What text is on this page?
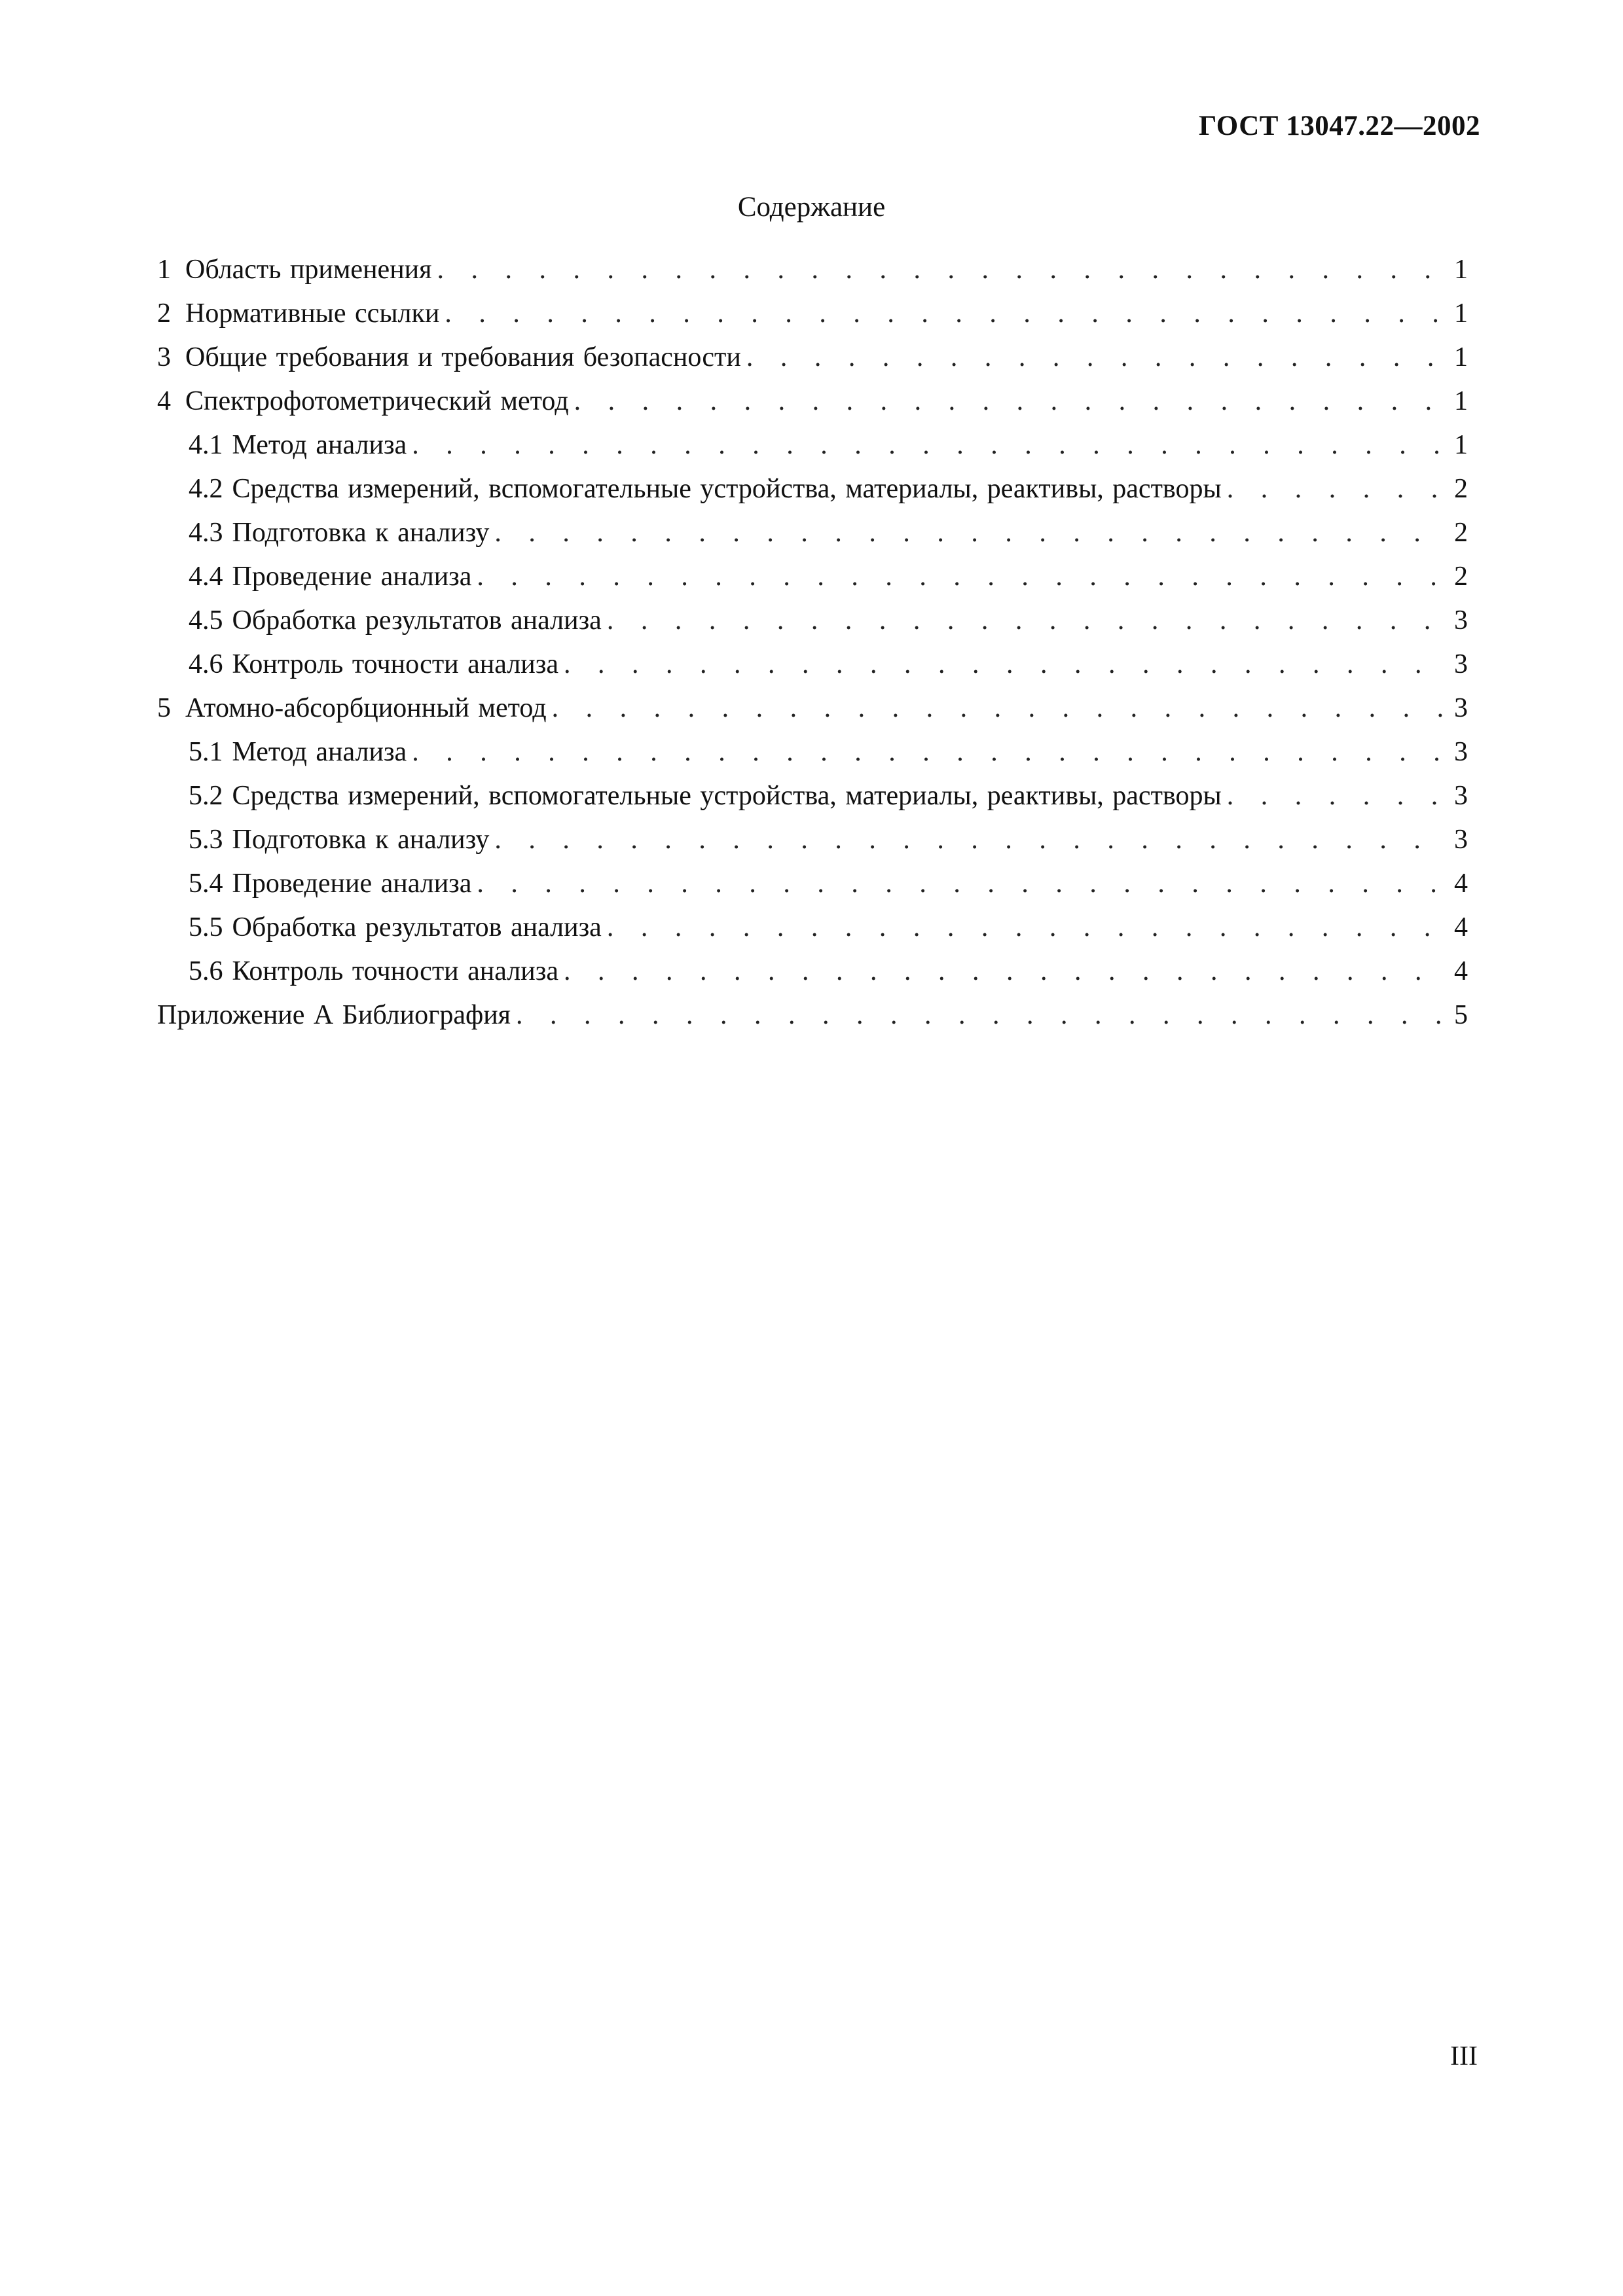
ГОСТ 13047.22—2002
Содержание
1 Область применения . . .	1
2 Нормативные ссылки . . .	1
3 Общие требования и требования безопасности . . .	1
4 Спектрофотометрический метод . . .	1
4.1 Метод анализа . . .	1
4.2 Средства измерений, вспомогательные устройства, материалы, реактивы, растворы . . .	2
4.3 Подготовка к анализу . . .	2
4.4 Проведение анализа . . .	2
4.5 Обработка результатов анализа . . .	3
4.6 Контроль точности анализа . . .	3
5 Атомно-абсорбционный метод . . .	3
5.1 Метод анализа . . .	3
5.2 Средства измерений, вспомогательные устройства, материалы, реактивы, растворы . . .	3
5.3 Подготовка к анализу . . .	3
5.4 Проведение анализа . . .	4
5.5 Обработка результатов анализа . . .	4
5.6 Контроль точности анализа . . .	4
Приложение А Библиография . . .	5
III
